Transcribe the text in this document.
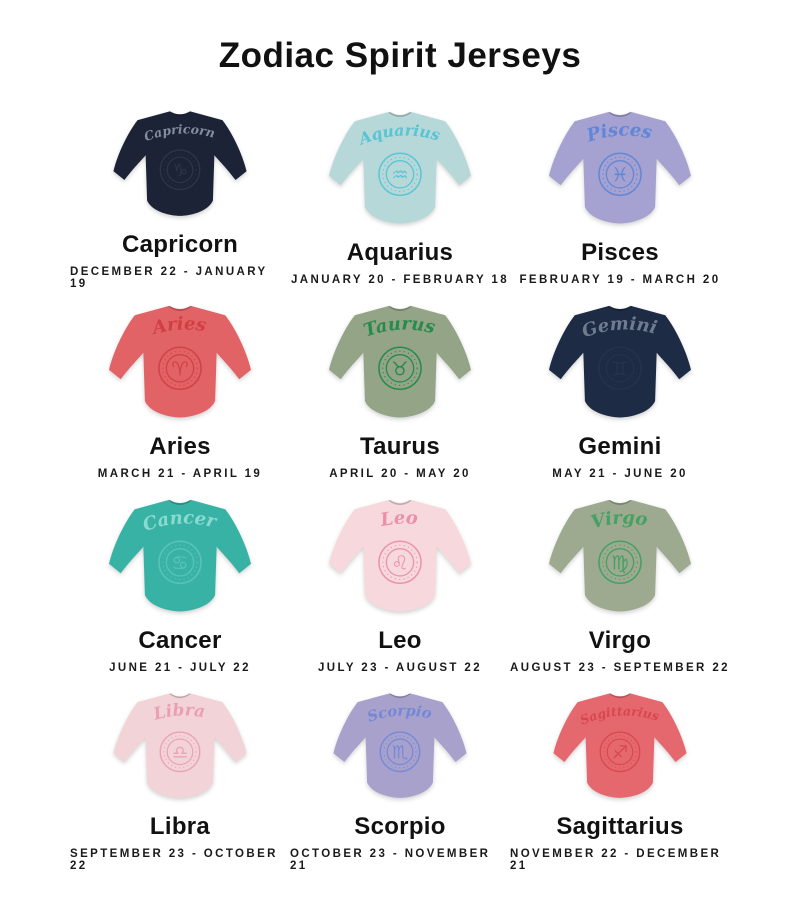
Zodiac Spirit Jerseys
Capricorn
♑
Capricorn
DECEMBER 22 - JANUARY 19
Aquarius
♒
Aquarius
JANUARY 20 - FEBRUARY 18
Pisces
♓
Pisces
FEBRUARY 19 - MARCH 20
Aries
♈
Aries
MARCH 21 - APRIL 19
Taurus
♉
Taurus
APRIL 20 - MAY 20
Gemini
♊
Gemini
MAY 21 - JUNE 20
Cancer
♋
Cancer
JUNE 21 - JULY 22
Leo
♌
Leo
JULY 23 - AUGUST 22
Virgo
♍
Virgo
AUGUST 23 - SEPTEMBER 22
Libra
♎
Libra
SEPTEMBER 23 - OCTOBER 22
Scorpio
♏
Scorpio
OCTOBER 23 - NOVEMBER 21
Sagittarius
♐
Sagittarius
NOVEMBER 22 - DECEMBER 21
